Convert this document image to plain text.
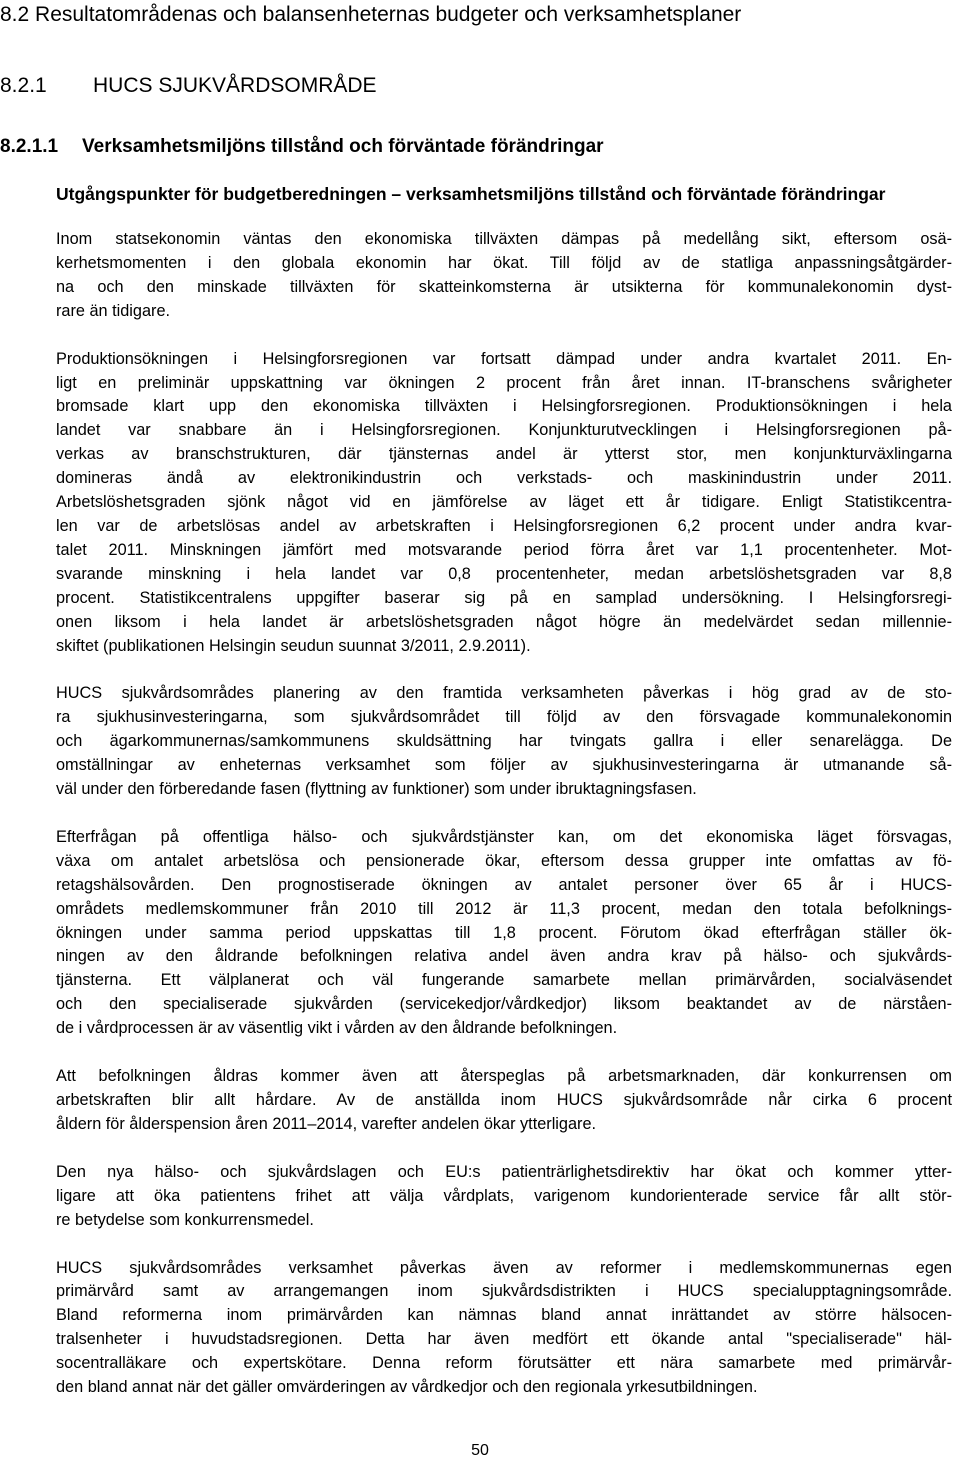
8.2 Resultatområdenas och balansenheternas budgeter och verksamhetsplaner
8.2.1 HUCS SJUKVÅRDSOMRÅDE
8.2.1.1 Verksamhetsmiljöns tillstånd och förväntade förändringar
Utgångspunkter för budgetberedningen – verksamhetsmiljöns tillstånd och förväntade förändringar
Inom statsekonomin väntas den ekonomiska tillväxten dämpas på medellång sikt, eftersom osä-
kerhetsmomenten i den globala ekonomin har ökat. Till följd av de statliga anpassningsåtgärder-
na och den minskade tillväxten för skatteinkomsterna är utsikterna för kommunalekonomin dyst-
rare än tidigare.
Produktionsökningen i Helsingforsregionen var fortsatt dämpad under andra kvartalet 2011. En-
ligt en preliminär uppskattning var ökningen 2 procent från året innan. IT-branschens svårigheter
bromsade klart upp den ekonomiska tillväxten i Helsingforsregionen. Produktionsökningen i hela
landet var snabbare än i Helsingforsregionen. Konjunkturutvecklingen i Helsingforsregionen på-
verkas av branschstrukturen, där tjänsternas andel är ytterst stor, men konjunkturväxlingarna
domineras ändå av elektronikindustrin och verkstads- och maskinindustrin under 2011.
Arbetslöshetsgraden sjönk något vid en jämförelse av läget ett år tidigare. Enligt Statistikcentra-
len var de arbetslösas andel av arbetskraften i Helsingforsregionen 6,2 procent under andra kvar-
talet 2011. Minskningen jämfört med motsvarande period förra året var 1,1 procentenheter. Mot-
svarande minskning i hela landet var 0,8 procentenheter, medan arbetslöshetsgraden var 8,8
procent. Statistikcentralens uppgifter baserar sig på en samplad undersökning. I Helsingforsregi-
onen liksom i hela landet är arbetslöshetsgraden något högre än medelvärdet sedan millennie-
skiftet (publikationen Helsingin seudun suunnat 3/2011, 2.9.2011).
HUCS sjukvårdsområdes planering av den framtida verksamheten påverkas i hög grad av de sto-
ra sjukhusinvesteringarna, som sjukvårdsområdet till följd av den försvagade kommunalekonomin
och ägarkommunernas/samkommunens skuldsättning har tvingats gallra i eller senarelägga. De
omställningar av enheternas verksamhet som följer av sjukhusinvesteringarna är utmanande så-
väl under den förberedande fasen (flyttning av funktioner) som under ibruktagningsfasen.
Efterfrågan på offentliga hälso- och sjukvårdstjänster kan, om det ekonomiska läget försvagas,
växa om antalet arbetslösa och pensionerade ökar, eftersom dessa grupper inte omfattas av fö-
retagshälsovården. Den prognostiserade ökningen av antalet personer över 65 år i HUCS-
områdets medlemskommuner från 2010 till 2012 är 11,3 procent, medan den totala befolknings-
ökningen under samma period uppskattas till 1,8 procent. Förutom ökad efterfrågan ställer ök-
ningen av den åldrande befolkningen relativa andel även andra krav på hälso- och sjukvårds-
tjänsterna. Ett välplanerat och väl fungerande samarbete mellan primärvården, socialväsendet
och den specialiserade sjukvården (servicekedjor/vårdkedjor) liksom beaktandet av de närståen-
de i vårdprocessen är av väsentlig vikt i vården av den åldrande befolkningen.
Att befolkningen åldras kommer även att återspeglas på arbetsmarknaden, där konkurrensen om
arbetskraften blir allt hårdare. Av de anställda inom HUCS sjukvårdsområde når cirka 6 procent
åldern för ålderspension åren 2011–2014, varefter andelen ökar ytterligare.
Den nya hälso- och sjukvårdslagen och EU:s patienträrlighetsdirektiv har ökat och kommer ytter-
ligare att öka patientens frihet att välja vårdplats, varigenom kundorienterade service får allt stör-
re betydelse som konkurrensmedel.
HUCS sjukvårdsområdes verksamhet påverkas även av reformer i medlemskommunernas egen
primärvård samt av arrangemangen inom sjukvårdsdistrikten i HUCS specialupptagningsområde.
Bland reformerna inom primärvården kan nämnas bland annat inrättandet av större hälsocen-
tralsenheter i huvudstadsregionen. Detta har även medfört ett ökande antal "specialiserade" häl-
socentralläkare och expertskötare. Denna reform förutsätter ett nära samarbete med primärvår-
den bland annat när det gäller omvärderingen av vårdkedjor och den regionala yrkesutbildningen.
50
